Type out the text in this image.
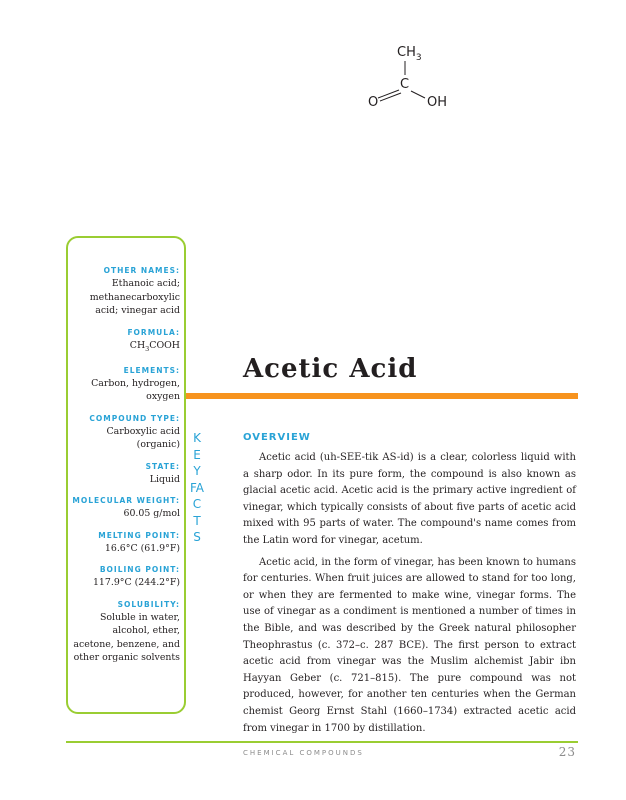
$CH_3$
C
O	OH
OTHER NAMES:
Ethanoic acid; methanecarboxylic acid; vinegar acid
FORMULA:
$CH_3COOH$
ELEMENTS:
Carbon, hydrogen, oxygen
COMPOUND TYPE:
Carboxylic acid (organic)
STATE:
Liquid
MOLECULAR WEIGHT:
60.05 g/mol
MELTING POINT:
16.6°C (61.9°F)
BOILING POINT:
117.9°C (244.2°F)
SOLUBILITY:
Soluble in water, alcohol, ether, acetone, benzene, and other organic solvents
KEY FACTS
Acetic Acid
OVERVIEW

Acetic acid (uh-SEE-tik AS-id) is a clear, colorless liquid with a sharp odor. In its pure form, the compound is also known as glacial acetic acid. Acetic acid is the primary active ingredient of vinegar, which typically consists of about five parts of acetic acid mixed with 95 parts of water. The compound's name comes from the Latin word for vinegar, acetum.

Acetic acid, in the form of vinegar, has been known to humans for centuries. When fruit juices are allowed to stand for too long, or when they are fermented to make wine, vinegar forms. The use of vinegar as a condiment is mentioned a number of times in the Bible, and was described by the Greek natural philosopher Theophrastus (c. 372–c. 287 BCE). The first person to extract acetic acid from vinegar was the Muslim alchemist Jabir ibn Hayyan Geber (c. 721–815). The pure compound was not produced, however, for another ten centuries when the German chemist Georg Ernst Stahl (1660–1734) extracted acetic acid from vinegar in 1700 by distillation.

CHEMICAL COMPOUNDS	23
